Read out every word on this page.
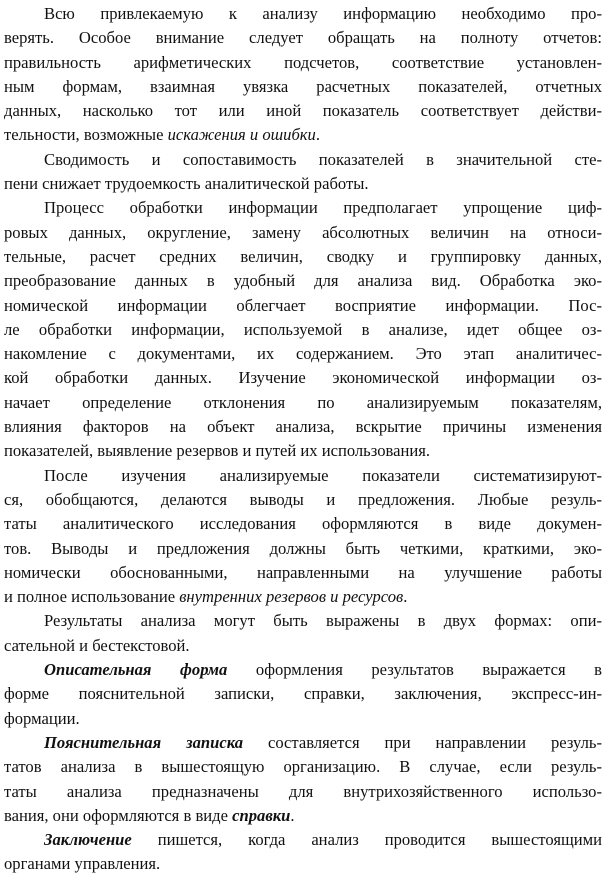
Всю привлекаемую к анализу информацию необходимо про-
верять. Особое внимание следует обращать на полноту отчетов:
правильность арифметических подсчетов, соответствие установлен-
ным формам, взаимная увязка расчетных показателей, отчетных
данных, насколько тот или иной показатель соответствует действи-
тельности, возможные искажения и ошибки.

Сводимость и сопоставимость показателей в значительной сте-
пени снижает трудоемкость аналитической работы.

Процесс обработки информации предполагает упрощение циф-
ровых данных, округление, замену абсолютных величин на относи-
тельные, расчет средних величин, сводку и группировку данных,
преобразование данных в удобный для анализа вид. Обработка эко-
номической информации облегчает восприятие информации. Пос-
ле обработки информации, используемой в анализе, идет общее оз-
накомление с документами, их содержанием. Это этап аналитичес-
кой обработки данных. Изучение экономической информации оз-
начает определение отклонения по анализируемым показателям,
влияния факторов на объект анализа, вскрытие причины изменения
показателей, выявление резервов и путей их использования.

После изучения анализируемые показатели систематизируют-
ся, обобщаются, делаются выводы и предложения. Любые резуль-
таты аналитического исследования оформляются в виде докумен-
тов. Выводы и предложения должны быть четкими, краткими, эко-
номически обоснованными, направленными на улучшение работы
и полное использование внутренних резервов и ресурсов.

Результаты анализа могут быть выражены в двух формах: опи-
сательной и бестекстовой.

Описательная форма оформления результатов выражается в
форме пояснительной записки, справки, заключения, экспресс-ин-
формации.

Пояснительная записка составляется при направлении резуль-
татов анализа в вышестоящую организацию. В случае, если резуль-
таты анализа предназначены для внутрихозяйственного использо-
вания, они оформляются в виде справки.

Заключение пишется, когда анализ проводится вышестоящими
органами управления.
